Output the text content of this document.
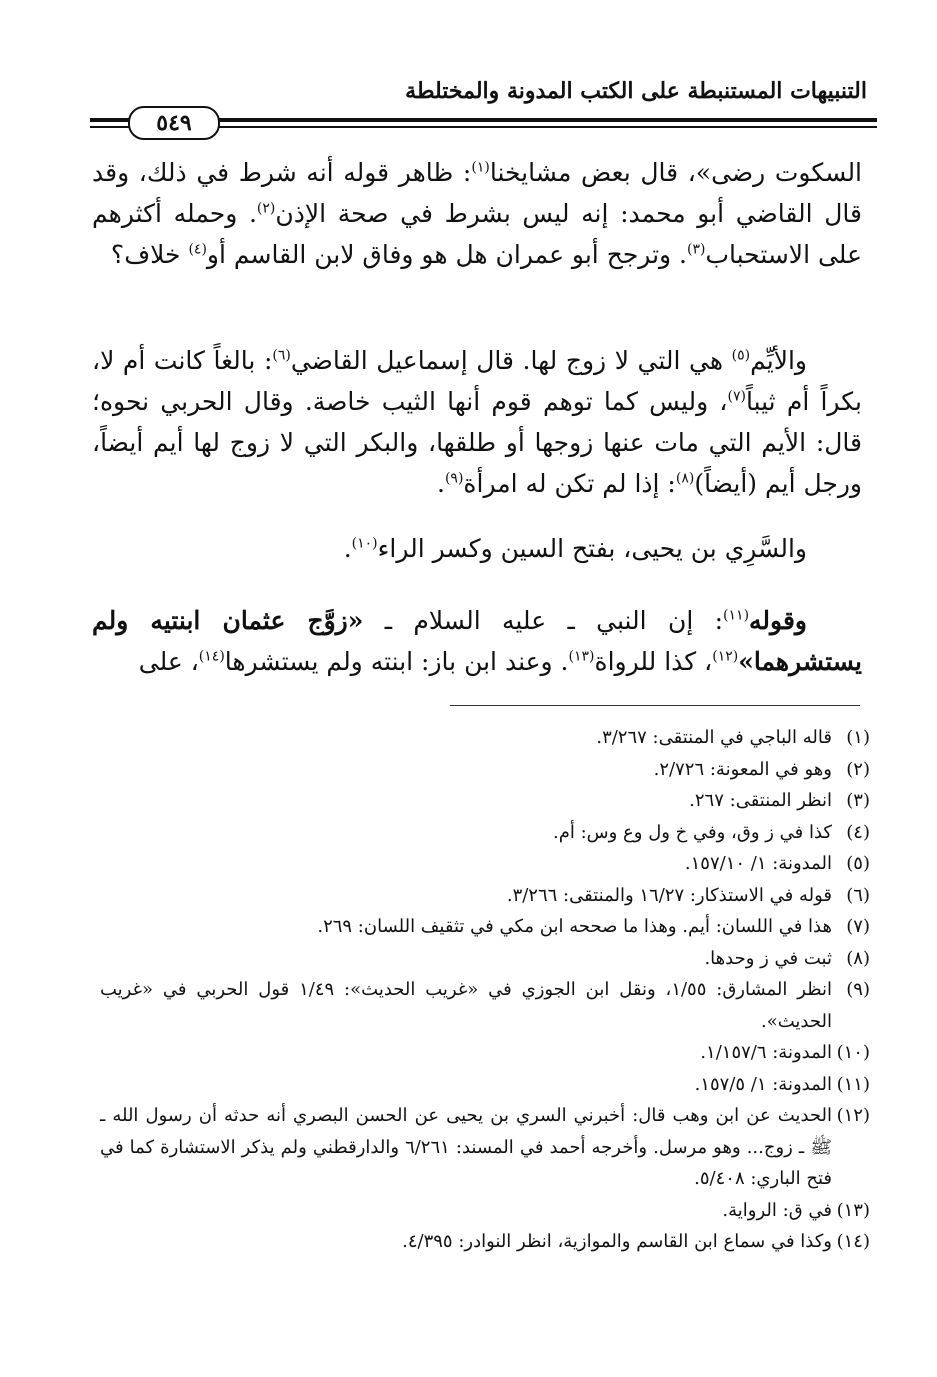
التنبيهات المستنبطة على الكتب المدونة والمختلطة
٥٤٩
السكوت رضى»، قال بعض مشايخنا$^{(١)}$: ظاهر قوله أنه شرط في ذلك، وقد قال القاضي أبو محمد: إنه ليس بشرط في صحة الإذن$^{(٢)}$. وحمله أكثرهم على الاستحباب$^{(٣)}$. وترجح أبو عمران هل هو وفاق لابن القاسم أو$^{(٤)}$ خلاف؟
والأيِّم$^{(٥)}$ هي التي لا زوج لها. قال إسماعيل القاضي$^{(٦)}$: بالغاً كانت أم لا، بكراً أم ثيباً$^{(٧)}$، وليس كما توهم قوم أنها الثيب خاصة. وقال الحربي نحوه؛ قال: الأيم التي مات عنها زوجها أو طلقها، والبكر التي لا زوج لها أيم أيضاً، ورجل أيم (أيضاً)$^{(٨)}$: إذا لم تكن له امرأة$^{(٩)}$.
والسَّرِي بن يحيى، بفتح السين وكسر الراء$^{(١٠)}$.
وقوله$^{(١١)}$: إن النبي ـ عليه السلام ـ «زوَّج عثمان ابنتيه ولم يستشرهما»$^{(١٢)}$، كذا للرواة$^{(١٣)}$. وعند ابن باز: ابنته ولم يستشرها$^{(١٤)}$، على
(١)
قاله الباجي في المنتقى: ٣/٢٦٧.
(٢)
وهو في المعونة: ٢/٧٢٦.
(٣)
انظر المنتقى: ٢٦٧.
(٤)
كذا في ز وق، وفي خ ول وع وس: أم.
(٥)
المدونة: ١/ ١٥٧/١٠.
(٦)
قوله في الاستذكار: ١٦/٢٧ والمنتقى: ٣/٢٦٦.
(٧)
هذا في اللسان: أيم. وهذا ما صححه ابن مكي في تثقيف اللسان: ٢٦٩.
(٨)
ثبت في ز وحدها.
(٩)
انظر المشارق: ١/٥٥، ونقل ابن الجوزي في «غريب الحديث»: ١/٤٩ قول الحربي في «غريب الحديث».
(١٠)
المدونة: ١/١٥٧/٦.
(١١)
المدونة: ١/ ١٥٧/٥.
(١٢)
الحديث عن ابن وهب قال: أخبرني السري بن يحيى عن الحسن البصري أنه حدثه أن رسول الله ـ ﷺ ـ زوج... وهو مرسل. وأخرجه أحمد في المسند: ٦/٢٦١ والدارقطني ولم يذكر الاستشارة كما في فتح الباري: ٥/٤٠٨.
(١٣)
في ق: الرواية.
(١٤)
وكذا في سماع ابن القاسم والموازية، انظر النوادر: ٤/٣٩٥.
